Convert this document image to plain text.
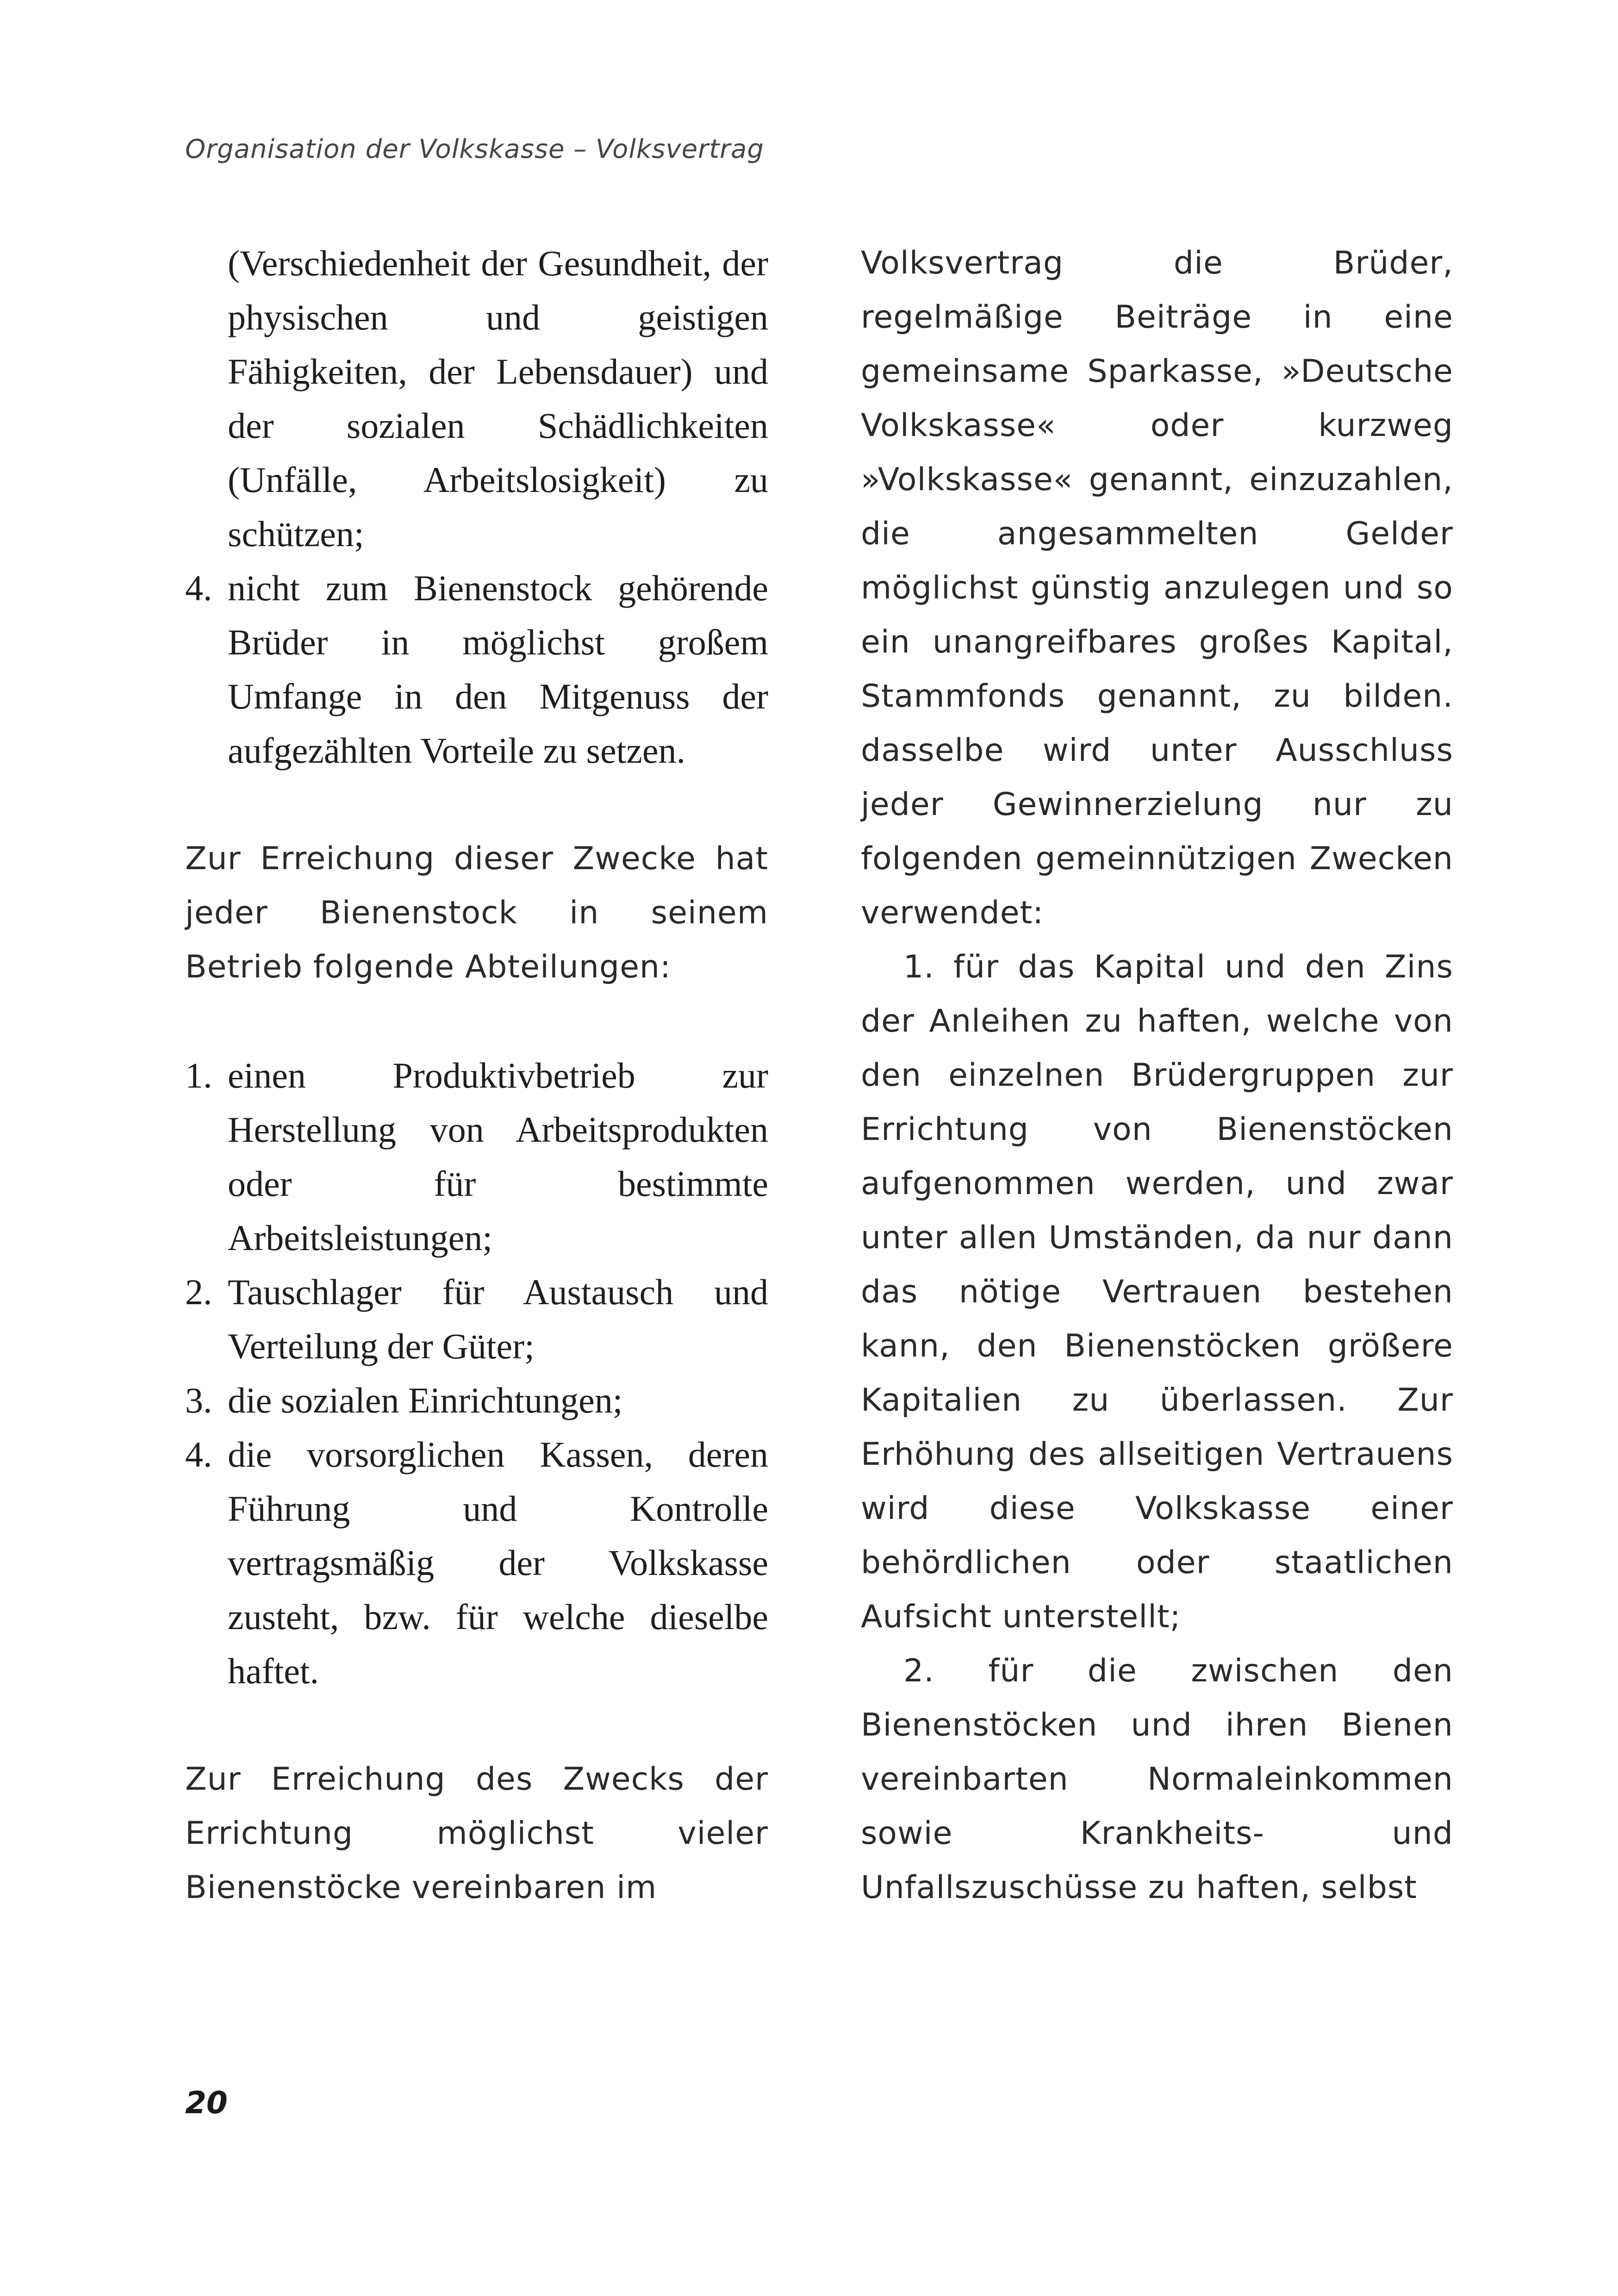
Organisation der Volkskasse – Volksvertrag

(Verschiedenheit der Gesundheit, der physischen und geistigen Fähigkeiten, der Lebensdauer) und der sozialen Schädlichkeiten (Unfälle, Arbeitslosigkeit) zu schützen;

4. nicht zum Bienenstock gehörende Brüder in möglichst großem Umfange in den Mitgenuss der aufgezählten Vorteile zu setzen.

Zur Erreichung dieser Zwecke hat jeder Bienenstock in seinem Betrieb folgende Abteilungen:

1. einen Produktivbetrieb zur Herstellung von Arbeitsprodukten oder für bestimmte Arbeitsleistungen;
2. Tauschlager für Austausch und Verteilung der Güter;
3. die sozialen Einrichtungen;
4. die vorsorglichen Kassen, deren Führung und Kontrolle vertragsmäßig der Volkskasse zusteht, bzw. für welche dieselbe haftet.

Zur Erreichung des Zwecks der Errichtung möglichst vieler Bienenstöcke vereinbaren im

Volksvertrag die Brüder, regelmäßige Beiträge in eine gemeinsame Sparkasse, »Deutsche Volkskasse« oder kurzweg »Volkskasse« genannt, einzuzahlen, die angesammelten Gelder möglichst günstig anzulegen und so ein unangreifbares großes Kapital, Stammfonds genannt, zu bilden. dasselbe wird unter Ausschluss jeder Gewinnerzielung nur zu folgenden gemeinnützigen Zwecken verwendet:

1. für das Kapital und den Zins der Anleihen zu haften, welche von den einzelnen Brüdergruppen zur Errichtung von Bienenstöcken aufgenommen werden, und zwar unter allen Umständen, da nur dann das nötige Vertrauen bestehen kann, den Bienenstöcken größere Kapitalien zu überlassen. Zur Erhöhung des allseitigen Vertrauens wird diese Volkskasse einer behördlichen oder staatlichen Aufsicht unterstellt;

2. für die zwischen den Bienenstöcken und ihren Bienen vereinbarten Normaleinkommen sowie Krankheits- und Unfallszuschüsse zu haften, selbst

20
